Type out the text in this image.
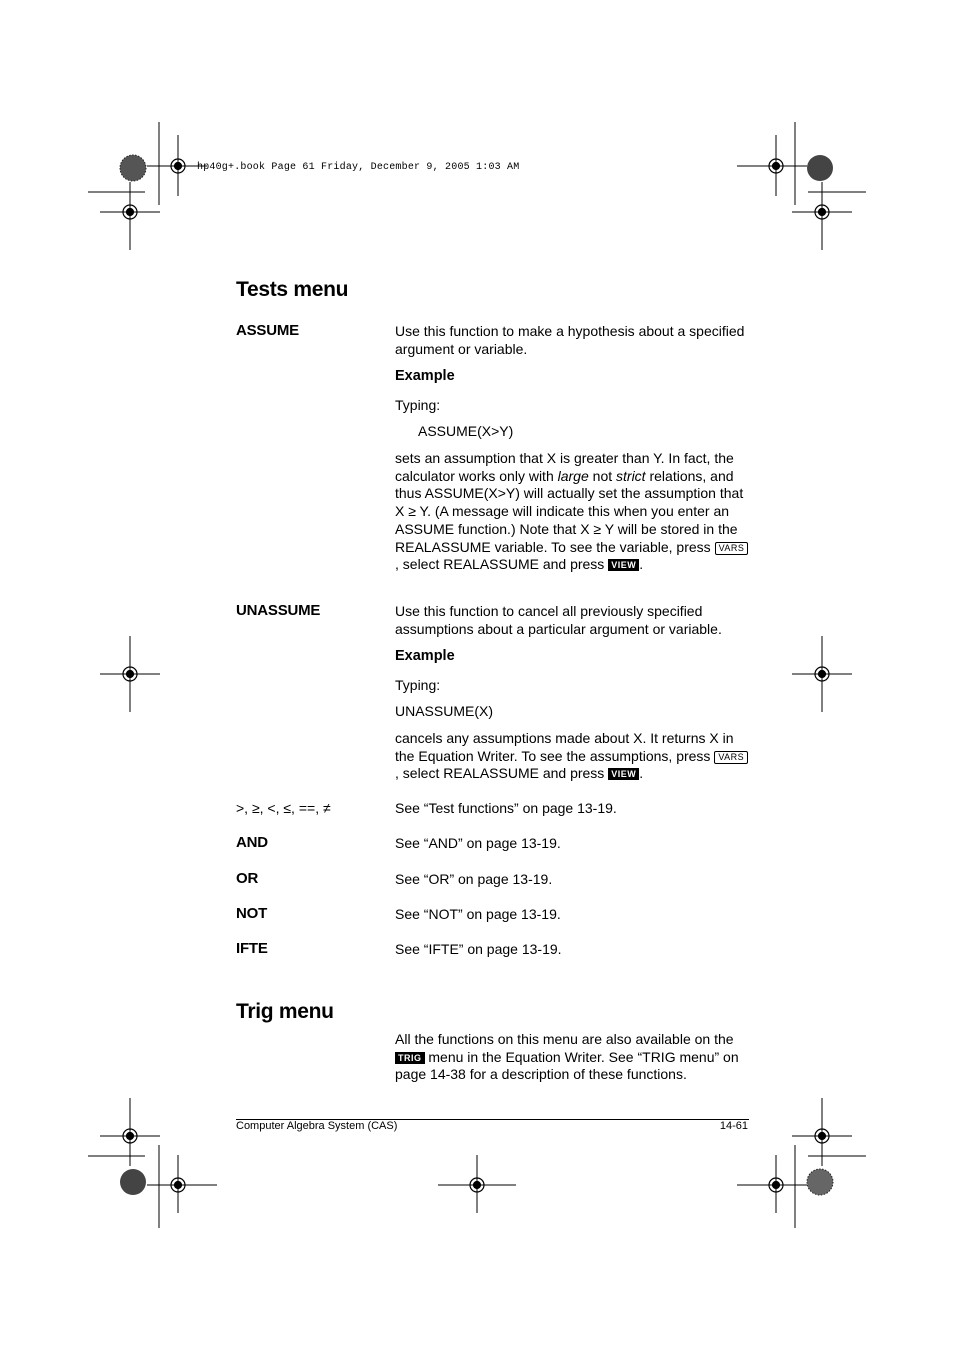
hp40g+.book Page 61 Friday, December 9, 2005 1:03 AM
Tests menu
ASSUME	Use this function to make a hypothesis about a specified argument or variable.
Example
Typing:
ASSUME(X>Y)
sets an assumption that X is greater than Y. In fact, the calculator works only with large not strict relations, and thus ASSUME(X>Y) will actually set the assumption that X ≥ Y. (A message will indicate this when you enter an ASSUME function.) Note that X ≥ Y will be stored in the REALASSUME variable. To see the variable, press VARS, select REALASSUME and press VIEW .
UNASSUME	Use this function to cancel all previously specified assumptions about a particular argument or variable.
Example
Typing:
UNASSUME(X)
cancels any assumptions made about X. It returns X in the Equation Writer. To see the assumptions, press VARS, select REALASSUME and press VIEW .
>, ≥, <, ≤, ==, ≠	See “Test functions” on page 13-19.
AND	See “AND” on page 13-19.
OR	See “OR” on page 13-19.
NOT	See “NOT” on page 13-19.
IFTE	See “IFTE” on page 13-19.
Trig menu
All the functions on this menu are also available on the TRIG menu in the Equation Writer. See “TRIG menu” on page 14-38 for a description of these functions.
Computer Algebra System (CAS)	14-61
